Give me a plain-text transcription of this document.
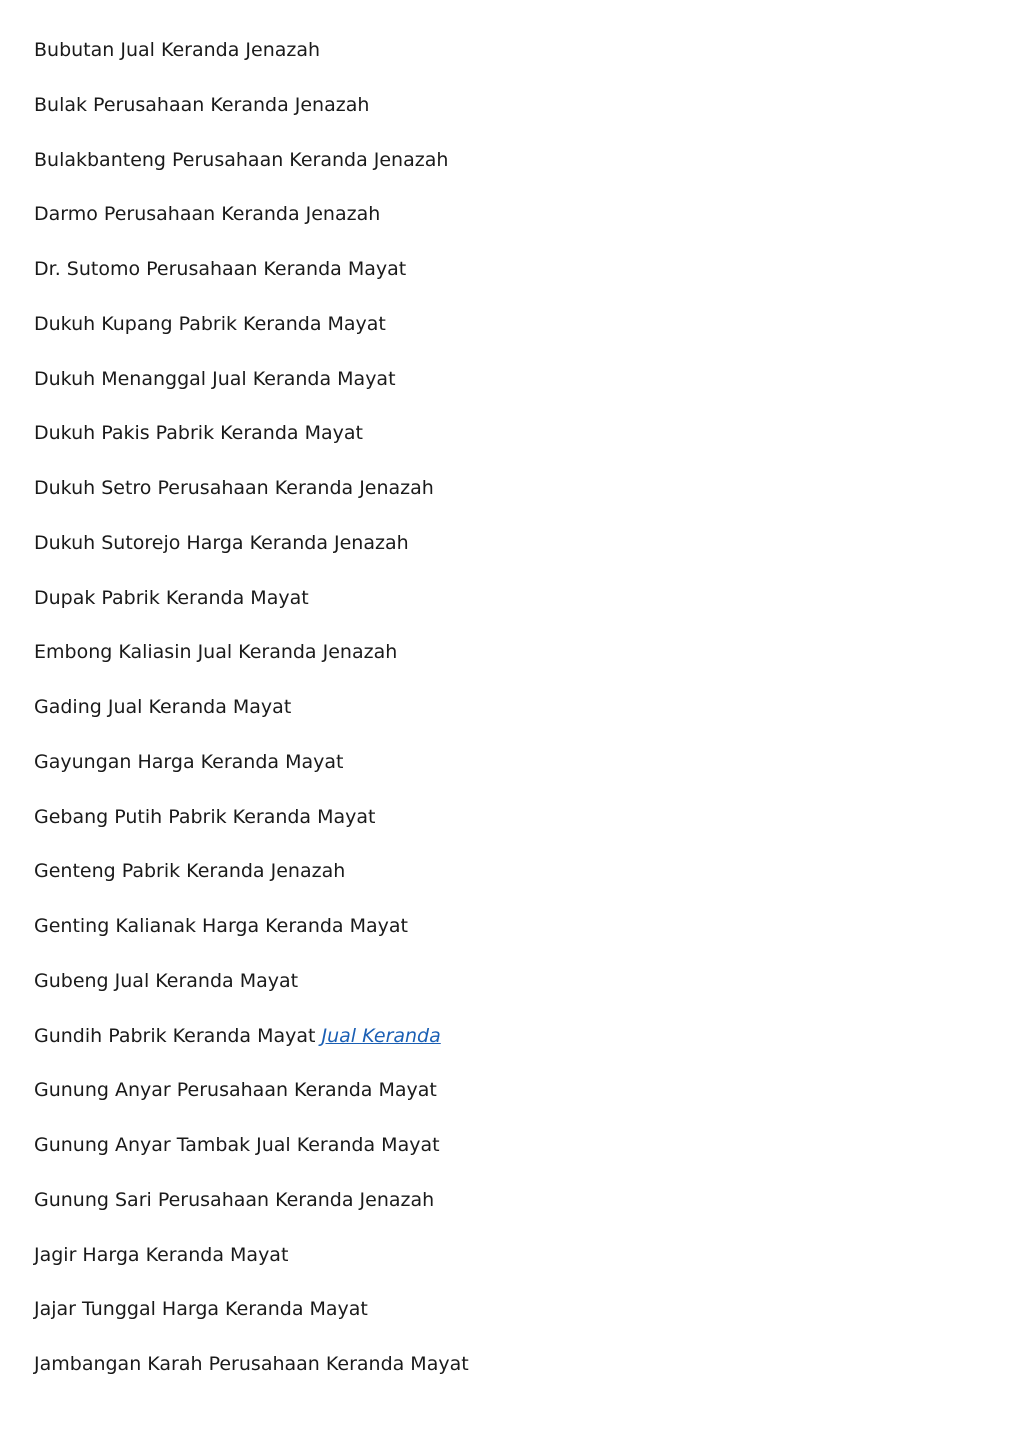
Bubutan Jual Keranda Jenazah
Bulak Perusahaan Keranda Jenazah
Bulakbanteng Perusahaan Keranda Jenazah
Darmo Perusahaan Keranda Jenazah
Dr. Sutomo Perusahaan Keranda Mayat
Dukuh Kupang Pabrik Keranda Mayat
Dukuh Menanggal Jual Keranda Mayat
Dukuh Pakis Pabrik Keranda Mayat
Dukuh Setro Perusahaan Keranda Jenazah
Dukuh Sutorejo Harga Keranda Jenazah
Dupak Pabrik Keranda Mayat
Embong Kaliasin Jual Keranda Jenazah
Gading Jual Keranda Mayat
Gayungan Harga Keranda Mayat
Gebang Putih Pabrik Keranda Mayat
Genteng Pabrik Keranda Jenazah
Genting Kalianak Harga Keranda Mayat
Gubeng Jual Keranda Mayat
Gundih Pabrik Keranda Mayat Jual Keranda
Gunung Anyar Perusahaan Keranda Mayat
Gunung Anyar Tambak Jual Keranda Mayat
Gunung Sari Perusahaan Keranda Jenazah
Jagir Harga Keranda Mayat
Jajar Tunggal Harga Keranda Mayat
Jambangan Karah Perusahaan Keranda Mayat
